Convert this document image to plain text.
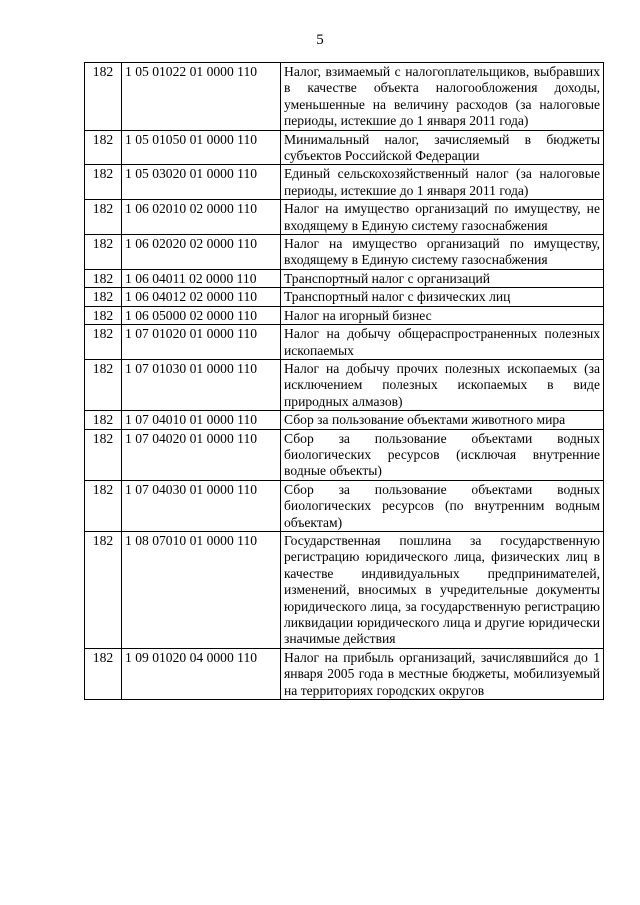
5
182	1 05 01022 01 0000 110	Налог, взимаемый с налогоплательщиков, выбравших в качестве объекта налогообложения доходы, уменьшенные на величину расходов (за налоговые периоды, истекшие до 1 января 2011 года)
182	1 05 01050 01 0000 110	Минимальный налог, зачисляемый в бюджеты субъектов Российской Федерации
182	1 05 03020 01 0000 110	Единый сельскохозяйственный налог (за налоговые периоды, истекшие до 1 января 2011 года)
182	1 06 02010 02 0000 110	Налог на имущество организаций по имуществу, не входящему в Единую систему газоснабжения
182	1 06 02020 02 0000 110	Налог на имущество организаций по имуществу, входящему в Единую систему газоснабжения
182	1 06 04011 02 0000 110	Транспортный налог с организаций
182	1 06 04012 02 0000 110	Транспортный налог с физических лиц
182	1 06 05000 02 0000 110	Налог на игорный бизнес
182	1 07 01020 01 0000 110	Налог на добычу общераспространенных полезных ископаемых
182	1 07 01030 01 0000 110	Налог на добычу прочих полезных ископаемых (за исключением полезных ископаемых в виде природных алмазов)
182	1 07 04010 01 0000 110	Сбор за пользование объектами животного мира
182	1 07 04020 01 0000 110	Сбор за пользование объектами водных биологических ресурсов (исключая внутренние водные объекты)
182	1 07 04030 01 0000 110	Сбор за пользование объектами водных биологических ресурсов (по внутренним водным объектам)
182	1 08 07010 01 0000 110	Государственная пошлина за государственную регистрацию юридического лица, физических лиц в качестве индивидуальных предпринимателей, изменений, вносимых в учредительные документы юридического лица, за государственную регистрацию ликвидации юридического лица и другие юридически значимые действия
182	1 09 01020 04 0000 110	Налог на прибыль организаций, зачислявшийся до 1 января 2005 года в местные бюджеты, мобилизуемый на территориях городских округов
